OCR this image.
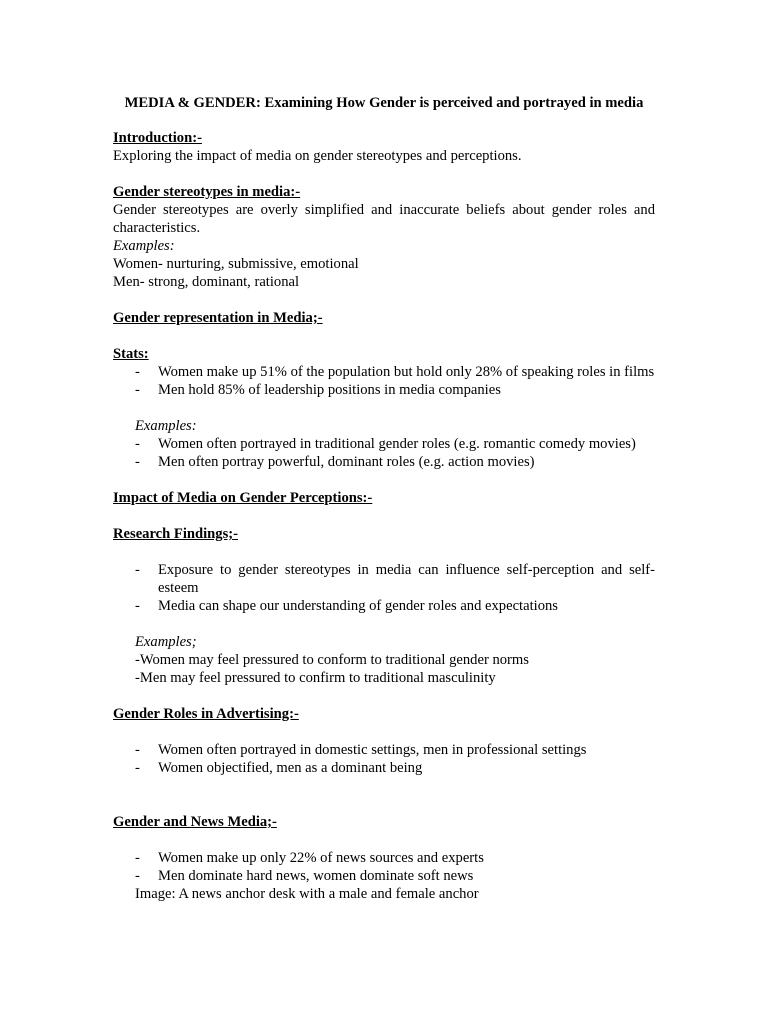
MEDIA & GENDER: Examining How Gender is perceived and portrayed in media

Introduction:-

Exploring the impact of media on gender stereotypes and perceptions.

Gender stereotypes in media:-

Gender stereotypes are overly simplified and inaccurate beliefs about gender roles and characteristics.

Examples:

Women- nurturing, submissive, emotional

Men- strong, dominant, rational

Gender representation in Media;-

Stats:

- Women make up 51% of the population but hold only 28% of speaking roles in films
- Men hold 85% of leadership positions in media companies

Examples:

- Women often portrayed in traditional gender roles (e.g. romantic comedy movies)
- Men often portray powerful, dominant roles (e.g. action movies)

Impact of Media on Gender Perceptions:-

Research Findings;-

- Exposure to gender stereotypes in media can influence self-perception and self-esteem
- Media can shape our understanding of gender roles and expectations

Examples;

-Women may feel pressured to conform to traditional gender norms

-Men may feel pressured to confirm to traditional masculinity

Gender Roles in Advertising:-

- Women often portrayed in domestic settings, men in professional settings
- Women objectified, men as a dominant being

Gender and News Media;-

- Women make up only 22% of news sources and experts
- Men dominate hard news, women dominate soft news

Image: A news anchor desk with a male and female anchor
